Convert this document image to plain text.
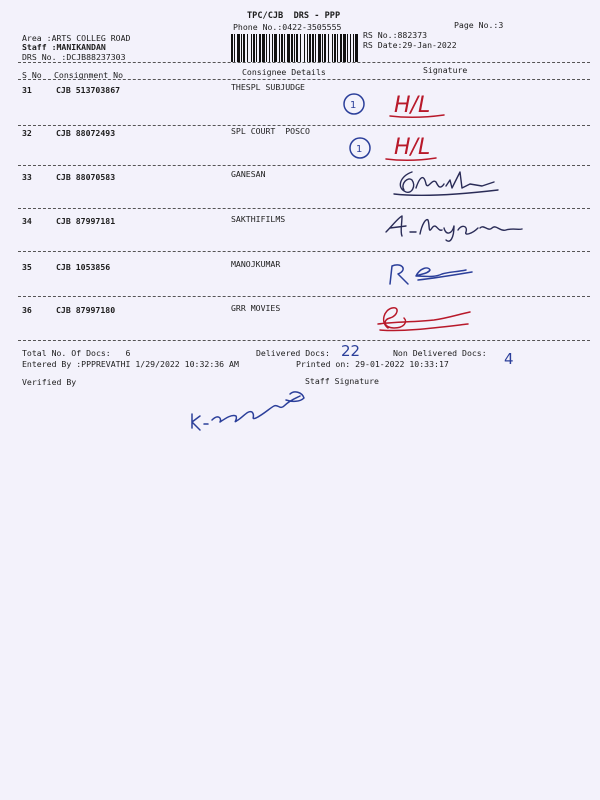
TPC/CJB  DRS - PPP
Phone No.:0422-3505555	Page No.:3
Area :ARTS COLLEG ROAD
Staff :MANIKANDAN
DRS No. :DCJB88237303
RS No.:882373
RS Date:29-Jan-2022
S No Consignment No	Consignee Details	Signature
31	CJB 513703867	THESPL SUBJUDGE
1 H/L
32	CJB 88072493	SPL COURT  POSCO
1 H/L
33	CJB 88070583	GANESAN
34	CJB 87997181	SAKTHIFILMS
35	CJB 1053856	MANOJKUMAR
36	CJB 87997180	GRR MOVIES
Total No. Of Docs:   6	Delivered Docs: 22	Non Delivered Docs: 4
Entered By :PPPREVATHI 1/29/2022 10:32:36 AM	Printed on: 29-01-2022 10:33:17
Verified By	Staff Signature
